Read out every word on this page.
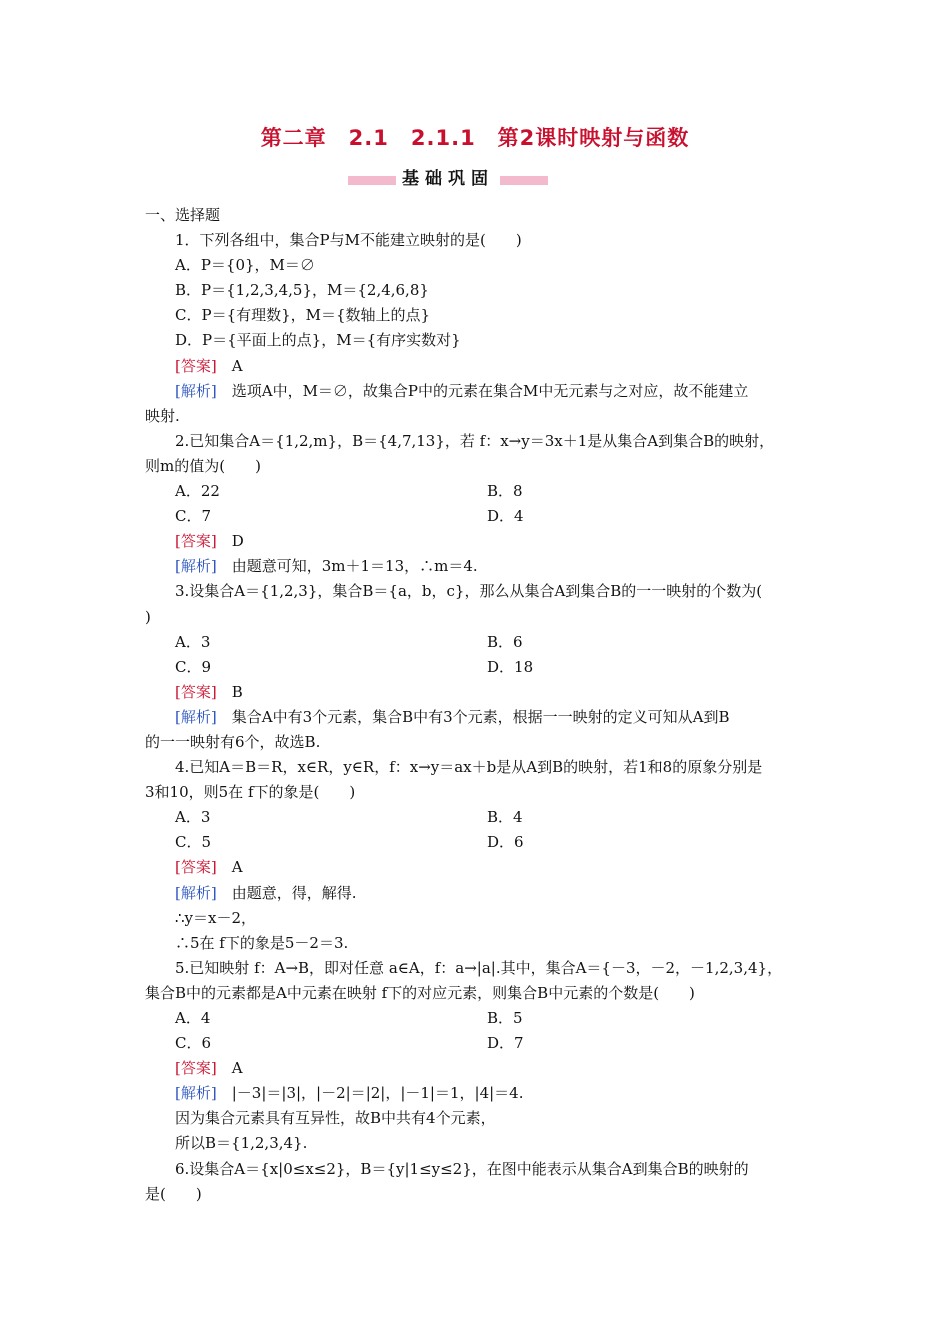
第二章　2.1　2.1.1　第2课时映射与函数
基础巩固
一、选择题
1．下列各组中，集合P与M不能建立映射的是(　　)
A．P＝{0}，M＝∅
B．P＝{1,2,3,4,5}，M＝{2,4,6,8}
C．P＝{有理数}，M＝{数轴上的点}
D．P＝{平面上的点}，M＝{有序实数对}
[答案]　 A
[解析]　 选项A中，M＝∅，故集合P中的元素在集合M中无元素与之对应，故不能建立
映射.
2.已知集合A＝{1,2,m}，B＝{4,7,13}，若 f：x→y＝3x＋1是从集合A到集合B的映射，
则m的值为(　　)
A．22	B．8
C．7	D．4
[答案]　 D
[解析]　 由题意可知，3m＋1＝13，∴m＝4.
3.设集合A＝{1,2,3}，集合B＝{a，b，c}，那么从集合A到集合B的一一映射的个数为(
)
A．3	B．6
C．9	D．18
[答案]　 B
[解析]　 集合A中有3个元素，集合B中有3个元素，根据一一映射的定义可知从A到B
的一一映射有6个，故选B.
4.已知A＝B＝R，x∈R，y∈R，f：x→y＝ax＋b是从A到B的映射，若1和8的原象分别是
3和10，则5在 f下的象是(　　)
A．3	B．4
C．5	D．6
[答案]　 A
[解析]　 由题意，得，解得.
∴y＝x－2，
∴5在 f下的象是5－2＝3.
5.已知映射 f：A→B，即对任意 a∈A，f：a→|a|.其中，集合A＝{－3，－2，－1,2,3,4}，
集合B中的元素都是A中元素在映射 f下的对应元素，则集合B中元素的个数是(　　)
A．4	B．5
C．6	D．7
[答案]　 A
[解析]　 |－3|＝|3|，|－2|＝|2|，|－1|＝1，|4|＝4.
因为集合元素具有互异性，故B中共有4个元素，
所以B＝{1,2,3,4}.
6.设集合A＝{x|0≤x≤2}，B＝{y|1≤y≤2}，在图中能表示从集合A到集合B的映射的
是(　　)
